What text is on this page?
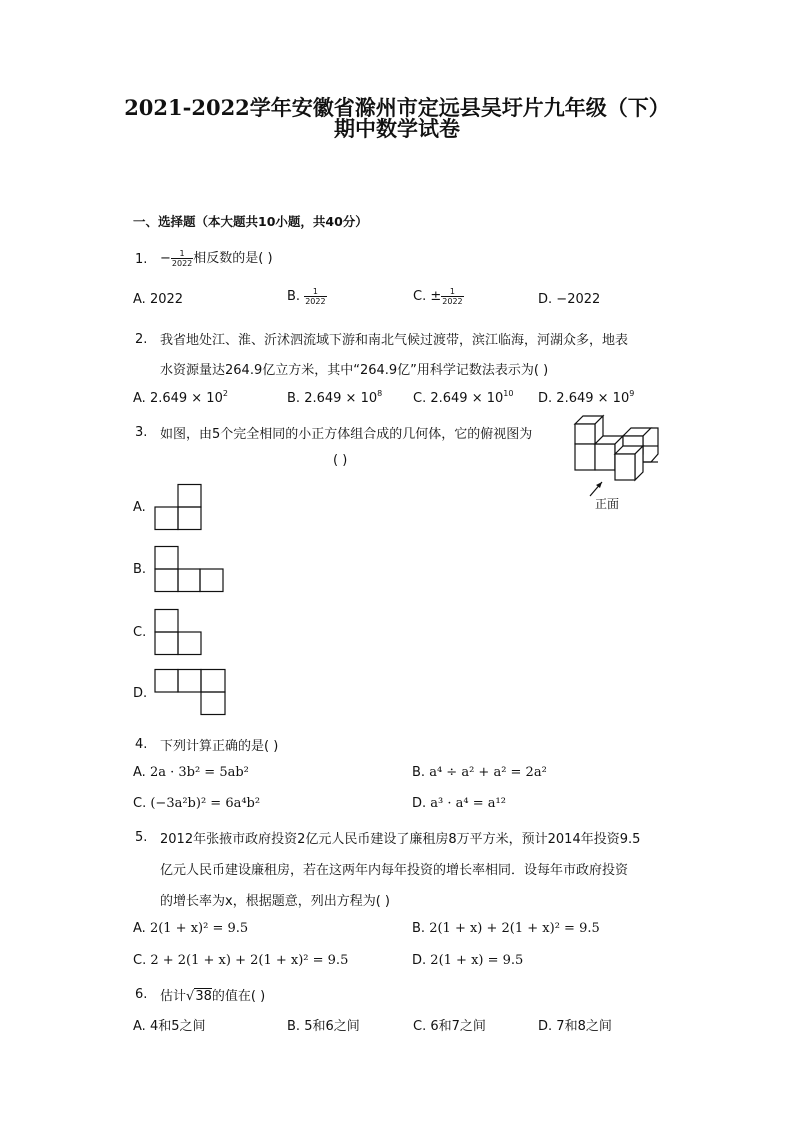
2021-2022学年安徽省滁州市定远县吴圩片九年级（下）
期中数学试卷
一、选择题（本大题共10小题，共40分）
1. − $\frac{1}{2022}$ 相反数的是( )
A. 2022	B. $\frac{1}{2022}$	C. ± $\frac{1}{2022}$	D. −2022
2. 我省地处江、淮、沂沭泗流域下游和南北气候过渡带，滨江临海，河湖众多，地表
水资源量达264.9亿立方米，其中“264.9亿”用科学记数法表示为( )
A. $2.649 \times 10^2$	B. $2.649 \times 10^8$ C. $2.649 \times 10^{10}$ D. $2.649 \times 10^9$
3. 如图，由5个完全相同的小正方体组合成的几何体，它的俯视图为
( )
正面
A.
B.
C.
D.
4. 下列计算正确的是( )
A. 2a · 3b² = 5ab²	B. a⁴ ÷ a² + a² = 2a²
C. (−3a²b)² = 6a⁴b²	D. a³ · a⁴ = a¹²
5. 2012年张掖市政府投资2亿元人民币建设了廉租房8万平方米，预计2014年投资9.5
亿元人民币建设廉租房，若在这两年内每年投资的增长率相同．设每年市政府投资
的增长率为x，根据题意，列出方程为( )
A. 2(1 + x)² = 9.5	B. 2(1 + x) + 2(1 + x)² = 9.5
C. 2 + 2(1 + x) + 2(1 + x)² = 9.5	D. 2(1 + x) = 9.5
6. 估计√38的值在( )
A. 4和5之间	B. 5和6之间	C. 6和7之间	D. 7和8之间
